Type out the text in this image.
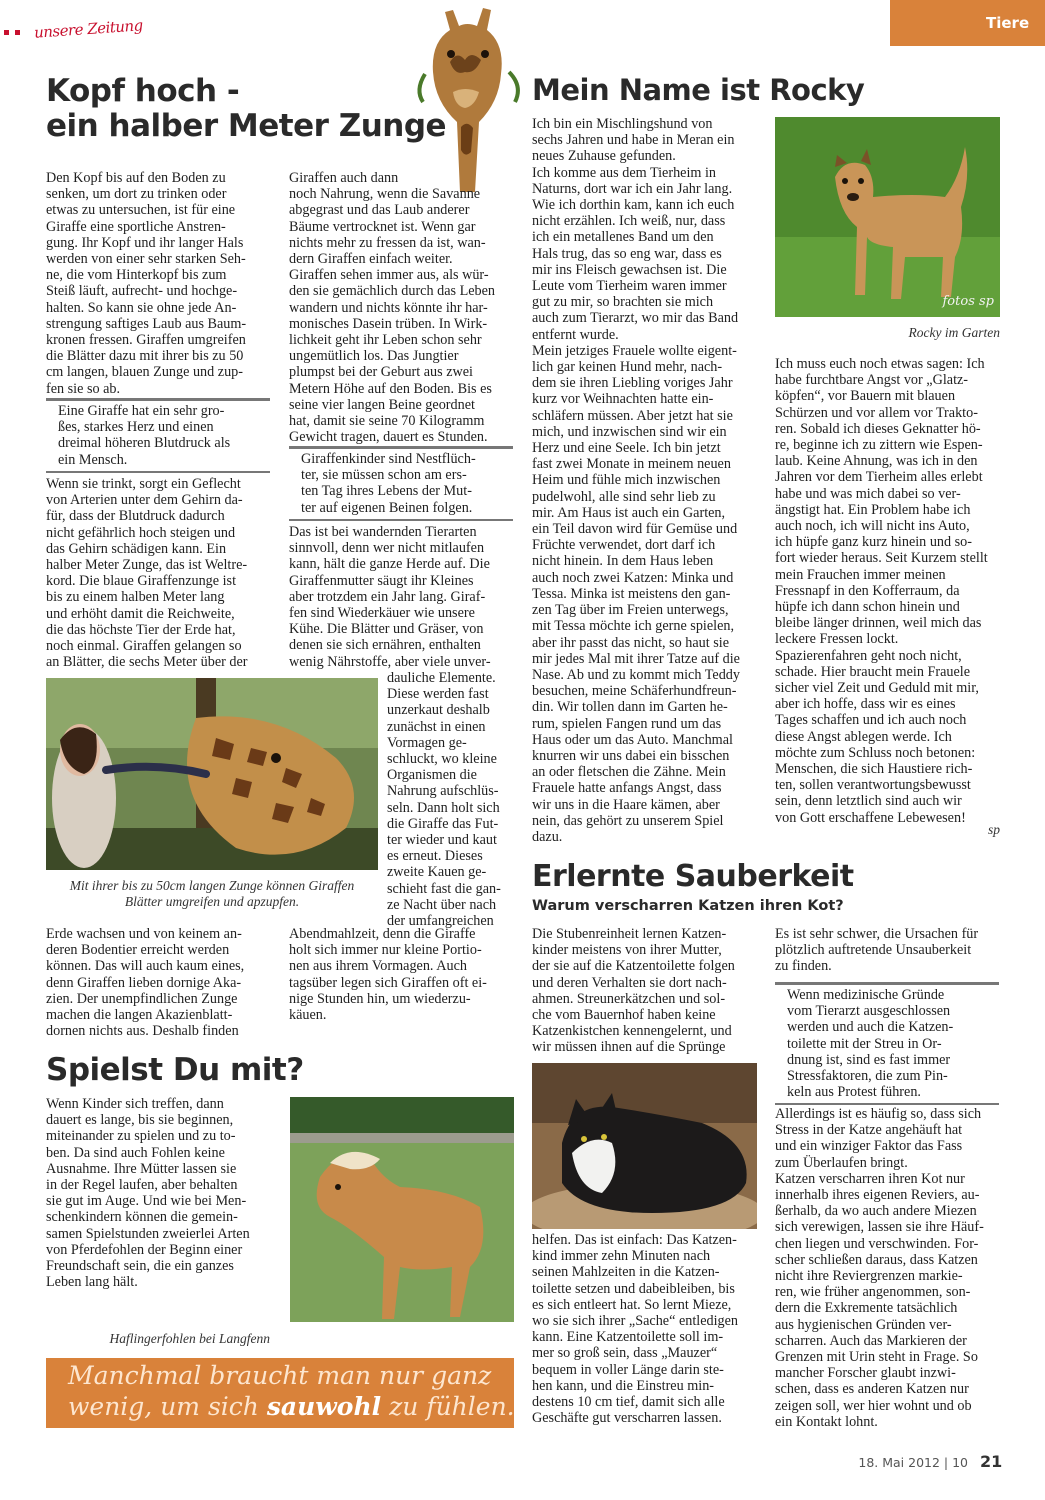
unsere Zeitung	Tiere
Kopf hoch -
ein halber Meter Zunge

Den Kopf bis auf den Boden zu
senken, um dort zu trinken oder
etwas zu untersuchen, ist für eine
Giraffe eine sportliche Anstren-
gung. Ihr Kopf und ihr langer Hals
werden von einer sehr starken Seh-
ne, die vom Hinterkopf bis zum
Steiß läuft, aufrecht- und hochge-
halten. So kann sie ohne jede An-
strengung saftiges Laub aus Baum-
kronen fressen. Giraffen umgreifen
die Blätter dazu mit ihrer bis zu 50
cm langen, blauen Zunge und zup-
fen sie so ab.

Eine Giraffe hat ein sehr gro-
ßes, starkes Herz und einen
dreimal höheren Blutdruck als
ein Mensch.

Wenn sie trinkt, sorgt ein Geflecht
von Arterien unter dem Gehirn da-
für, dass der Blutdruck dadurch
nicht gefährlich hoch steigen und
das Gehirn schädigen kann. Ein
halber Meter Zunge, das ist Weltre-
kord. Die blaue Giraffenzunge ist
bis zu einem halben Meter lang
und erhöht damit die Reichweite,
die das höchste Tier der Erde hat,
noch einmal. Giraffen gelangen so
an Blätter, die sechs Meter über der

Mit ihrer bis zu 50cm langen Zunge können Giraffen
Blätter umgreifen und apzupfen.

Erde wachsen und von keinem an-
deren Bodentier erreicht werden
können. Das will auch kaum eines,
denn Giraffen lieben dornige Aka-
zien. Der unempfindlichen Zunge
machen die langen Akazienblatt-
dornen nichts aus. Deshalb finden

Giraffen auch dann
noch Nahrung, wenn die Savanne
abgegrast und das Laub anderer
Bäume vertrocknet ist. Wenn gar
nichts mehr zu fressen da ist, wan-
dern Giraffen einfach weiter.
Giraffen sehen immer aus, als wür-
den sie gemächlich durch das Leben
wandern und nichts könnte ihr har-
monisches Dasein trüben. In Wirk-
lichkeit geht ihr Leben schon sehr
ungemütlich los. Das Jungtier
plumpst bei der Geburt aus zwei
Metern Höhe auf den Boden. Bis es
seine vier langen Beine geordnet
hat, damit sie seine 70 Kilogramm
Gewicht tragen, dauert es Stunden.

Giraffenkinder sind Nestflüch-
ter, sie müssen schon am ers-
ten Tag ihres Lebens der Mut-
ter auf eigenen Beinen folgen.

Das ist bei wandernden Tierarten
sinnvoll, denn wer nicht mitlaufen
kann, hält die ganze Herde auf. Die
Giraffenmutter säugt ihr Kleines
aber trotzdem ein Jahr lang. Giraf-
fen sind Wiederkäuer wie unsere
Kühe. Die Blätter und Gräser, von
denen sie sich ernähren, enthalten
wenig Nährstoffe, aber viele unver-

dauliche Elemente.
Diese werden fast
unzerkaut deshalb
zunächst in einen
Vormagen ge-
schluckt, wo kleine
Organismen die
Nahrung aufschlüs-
seln. Dann holt sich
die Giraffe das Fut-
ter wieder und kaut
es erneut. Dieses
zweite Kauen ge-
schieht fast die gan-
ze Nacht über nach
der umfangreichen

Abendmahlzeit, denn die Giraffe
holt sich immer nur kleine Portio-
nen aus ihrem Vormagen. Auch
tagsüber legen sich Giraffen oft ei-
nige Stunden hin, um wiederzu-
käuen.

Spielst Du mit?

Wenn Kinder sich treffen, dann
dauert es lange, bis sie beginnen,
miteinander zu spielen und zu to-
ben. Da sind auch Fohlen keine
Ausnahme. Ihre Mütter lassen sie
in der Regel laufen, aber behalten
sie gut im Auge. Und wie bei Men-
schenkindern können die gemein-
samen Spielstunden zweierlei Arten
von Pferdefohlen der Beginn einer
Freundschaft sein, die ein ganzes
Leben lang hält.

Haflingerfohlen bei Langfenn
Manchmal braucht man nur ganz
wenig, um sich sauwohl zu fühlen.
Mein Name ist Rocky

Ich bin ein Mischlingshund von
sechs Jahren und habe in Meran ein
neues Zuhause gefunden.
Ich komme aus dem Tierheim in
Naturns, dort war ich ein Jahr lang.
Wie ich dorthin kam, kann ich euch
nicht erzählen. Ich weiß, nur, dass
ich ein metallenes Band um den
Hals trug, das so eng war, dass es
mir ins Fleisch gewachsen ist. Die
Leute vom Tierheim waren immer
gut zu mir, so brachten sie mich
auch zum Tierarzt, wo mir das Band
entfernt wurde.
Mein jetziges Frauele wollte eigent-
lich gar keinen Hund mehr, nach-
dem sie ihren Liebling voriges Jahr
kurz vor Weihnachten hatte ein-
schläfern müssen. Aber jetzt hat sie
mich, und inzwischen sind wir ein
Herz und eine Seele. Ich bin jetzt
fast zwei Monate in meinem neuen
Heim und fühle mich inzwischen
pudelwohl, alle sind sehr lieb zu
mir. Am Haus ist auch ein Garten,
ein Teil davon wird für Gemüse und
Früchte verwendet, dort darf ich
nicht hinein. In dem Haus leben
auch noch zwei Katzen: Minka und
Tessa. Minka ist meistens den gan-
zen Tag über im Freien unterwegs,
mit Tessa möchte ich gerne spielen,
aber ihr passt das nicht, so haut sie
mir jedes Mal mit ihrer Tatze auf die
Nase. Ab und zu kommt mich Teddy
besuchen, meine Schäferhundfreun-
din. Wir tollen dann im Garten he-
rum, spielen Fangen rund um das
Haus oder um das Auto. Manchmal
knurren wir uns dabei ein bisschen
an oder fletschen die Zähne. Mein
Frauele hatte anfangs Angst, dass
wir uns in die Haare kämen, aber
nein, das gehört zu unserem Spiel
dazu.

fotos sp
Rocky im Garten

Ich muss euch noch etwas sagen: Ich
habe furchtbare Angst vor „Glatz-
köpfen“, vor Bauern mit blauen
Schürzen und vor allem vor Trakto-
ren. Sobald ich dieses Geknatter hö-
re, beginne ich zu zittern wie Espen-
laub. Keine Ahnung, was ich in den
Jahren vor dem Tierheim alles erlebt
habe und was mich dabei so ver-
ängstigt hat. Ein Problem habe ich
auch noch, ich will nicht ins Auto,
ich hüpfe ganz kurz hinein und so-
fort wieder heraus. Seit Kurzem stellt
mein Frauchen immer meinen
Fressnapf in den Kofferraum, da
hüpfe ich dann schon hinein und
bleibe länger drinnen, weil mich das
leckere Fressen lockt.
Spazierenfahren geht noch nicht,
schade. Hier braucht mein Frauele
sicher viel Zeit und Geduld mit mir,
aber ich hoffe, dass wir es eines
Tages schaffen und ich auch noch
diese Angst ablegen werde. Ich
möchte zum Schluss noch betonen:
Menschen, die sich Haustiere rich-
ten, sollen verantwortungsbewusst
sein, denn letztlich sind auch wir
von Gott erschaffene Lebewesen!

sp
Erlernte Sauberkeit
Warum verscharren Katzen ihren Kot?

Die Stubenreinheit lernen Katzen-
kinder meistens von ihrer Mutter,
der sie auf die Katzentoilette folgen
und deren Verhalten sie dort nach-
ahmen. Streunerkätzchen und sol-
che vom Bauernhof haben keine
Katzenkistchen kennengelernt, und
wir müssen ihnen auf die Sprünge

helfen. Das ist einfach: Das Katzen-
kind immer zehn Minuten nach
seinen Mahlzeiten in die Katzen-
toilette setzen und dabeibleiben, bis
es sich entleert hat. So lernt Mieze,
wo sie sich ihrer „Sache“ entledigen
kann. Eine Katzentoilette soll im-
mer so groß sein, dass „Mauzer“
bequem in voller Länge darin ste-
hen kann, und die Einstreu min-
destens 10 cm tief, damit sich alle
Geschäfte gut verscharren lassen.

Es ist sehr schwer, die Ursachen für
plötzlich auftretende Unsauberkeit
zu finden.

Wenn medizinische Gründe
vom Tierarzt ausgeschlossen
werden und auch die Katzen-
toilette mit der Streu in Or-
dnung ist, sind es fast immer
Stressfaktoren, die zum Pin-
keln aus Protest führen.

Allerdings ist es häufig so, dass sich
Stress in der Katze angehäuft hat
und ein winziger Faktor das Fass
zum Überlaufen bringt.
Katzen verscharren ihren Kot nur
innerhalb ihres eigenen Reviers, au-
ßerhalb, da wo auch andere Miezen
sich verewigen, lassen sie ihre Häuf-
chen liegen und verschwinden. For-
scher schließen daraus, dass Katzen
nicht ihre Reviergrenzen markie-
ren, wie früher angenommen, son-
dern die Exkremente tatsächlich
aus hygienischen Gründen ver-
scharren. Auch das Markieren der
Grenzen mit Urin steht in Frage. So
mancher Forscher glaubt inzwi-
schen, dass es anderen Katzen nur
zeigen soll, wer hier wohnt und ob
ein Kontakt lohnt.

18. Mai 2012 | 10 21
